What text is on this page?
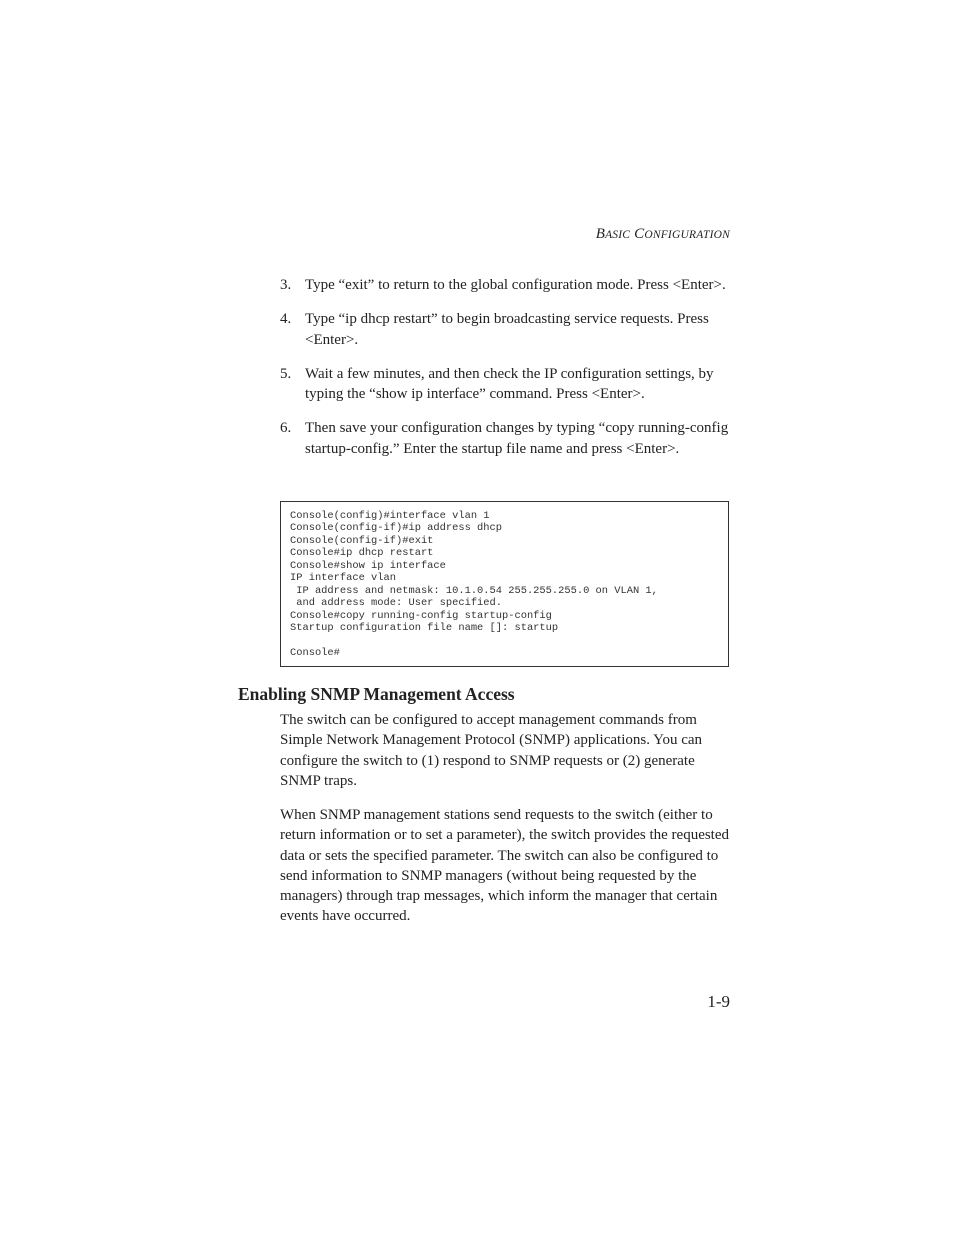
BASIC CONFIGURATION
3. Type “exit” to return to the global configuration mode. Press <Enter>.
4. Type “ip dhcp restart” to begin broadcasting service requests. Press <Enter>.
5. Wait a few minutes, and then check the IP configuration settings, by typing the “show ip interface” command. Press <Enter>.
6. Then save your configuration changes by typing “copy running-config startup-config.” Enter the startup file name and press <Enter>.
Console(config)#interface vlan 1
Console(config-if)#ip address dhcp
Console(config-if)#exit
Console#ip dhcp restart
Console#show ip interface
IP interface vlan
IP address and netmask: 10.1.0.54 255.255.255.0 on VLAN 1,
and address mode: User specified.
Console#copy running-config startup-config
Startup configuration file name []: startup

Console#
Enabling SNMP Management Access

The switch can be configured to accept management commands from Simple Network Management Protocol (SNMP) applications. You can configure the switch to (1) respond to SNMP requests or (2) generate SNMP traps.

When SNMP management stations send requests to the switch (either to return information or to set a parameter), the switch provides the requested data or sets the specified parameter. The switch can also be configured to send information to SNMP managers (without being requested by the managers) through trap messages, which inform the manager that certain events have occurred.

1-9
